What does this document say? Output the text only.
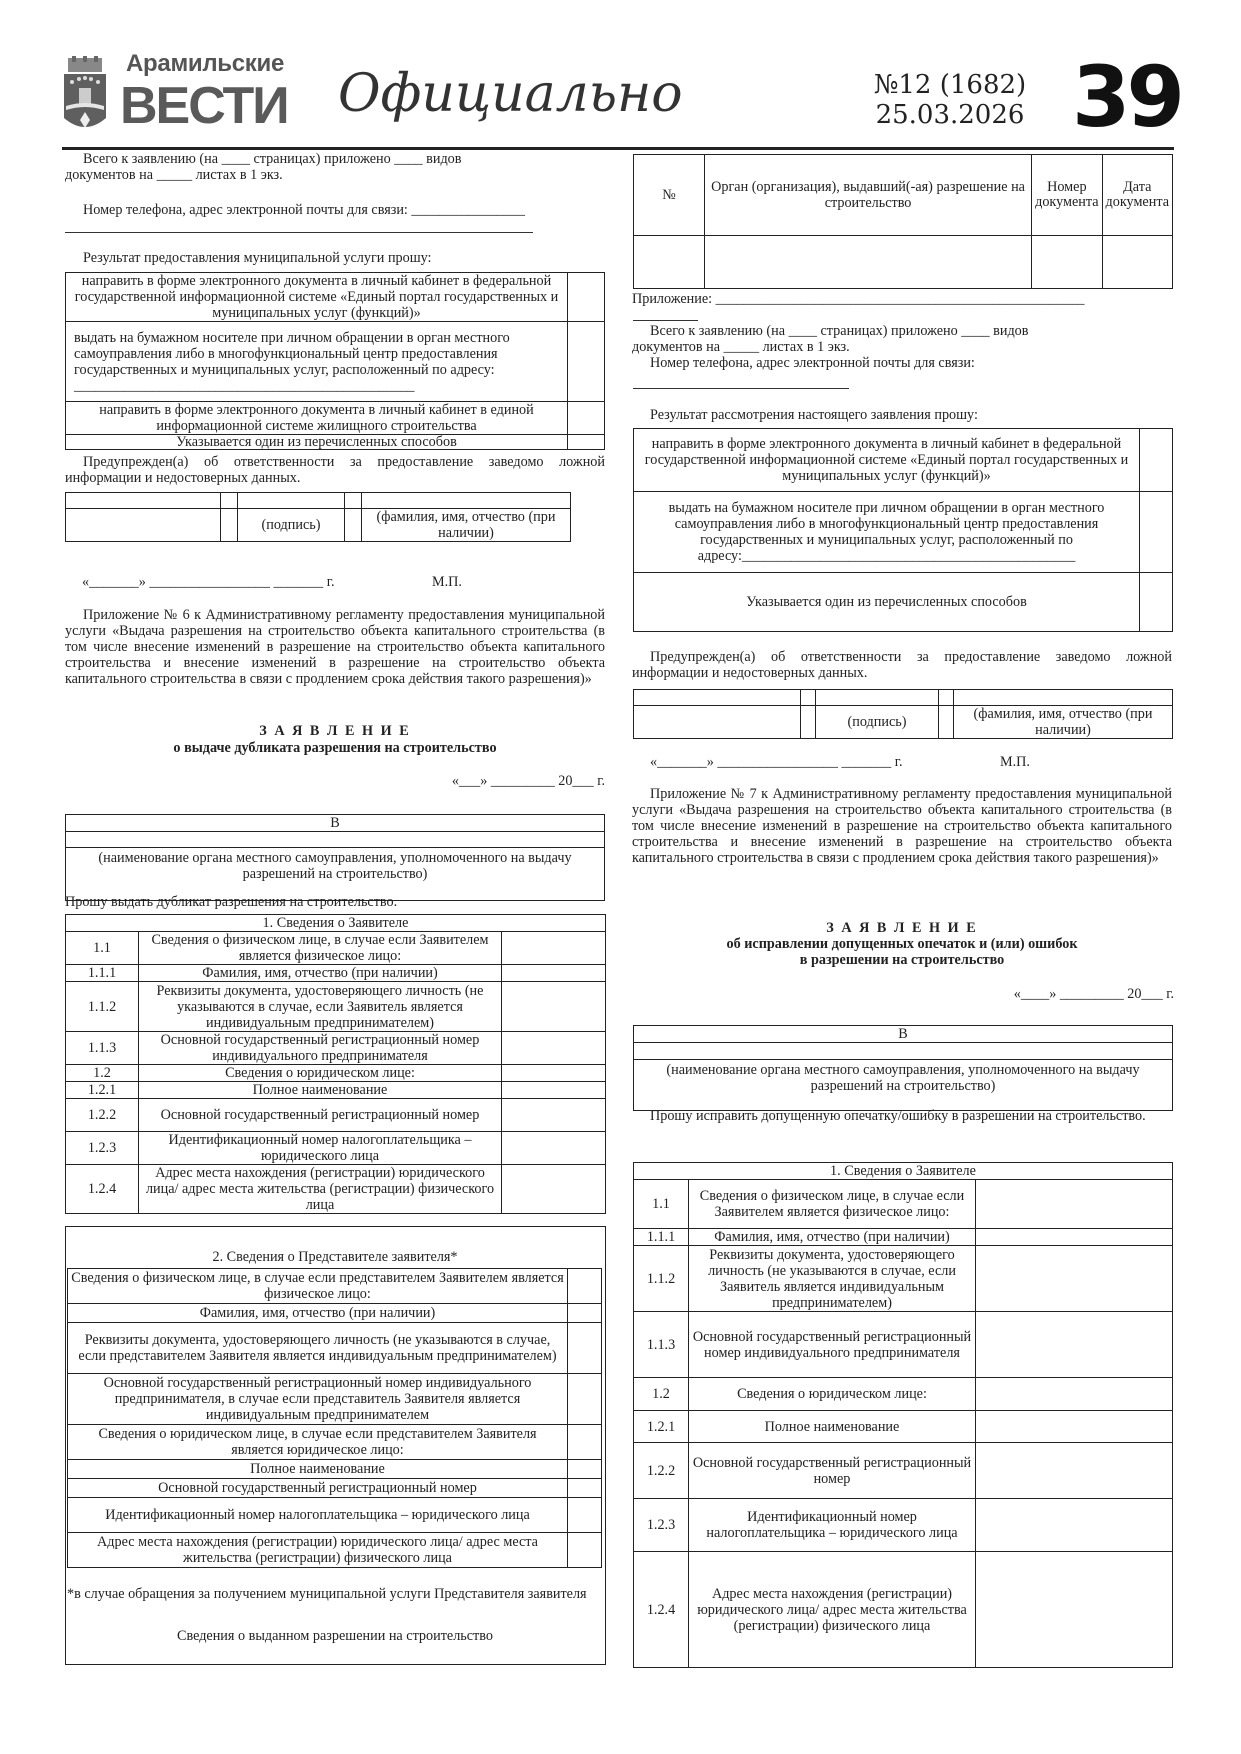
Арамильские
ВЕСТИ Официально	№12 (1682)
25.03.2026 39

Всего к заявлению (на ____ страницах) приложено ____ видов

документов на _____ листах в 1 экз.

Номер телефона, адрес электронной почты для связи: ________________

Результат предоставления муниципальной услуги прошу:

направить в форме электронного документа в личный кабинет в федеральной государственной информационной системе «Единый портал государственных и муниципальных услуг (функций)»	
выдать на бумажном носителе при личном обращении в орган местного самоуправления либо в многофункциональный центр предоставления государственных и муниципальных услуг, расположенный по адресу: ________________________________________________	
направить в форме электронного документа в личный кабинет в единой информационной системе жилищного строительства	
Указывается один из перечисленных способов	

Предупрежден(а) об ответственности за предоставление заведомо ложной информации и недостоверных данных.

		(подпись)		(фамилия, имя, отчество (при наличии)
«_______» _________________ _______ г.	М.П.

Приложение № 6 к Административному регламенту предоставления муниципальной услуги «Выдача разрешения на строительство объекта капитального строительства (в том числе внесение изменений в разрешение на строительство объекта капитального строительства и внесение изменений в разрешение на строительство объекта капитального строительства в связи с продлением срока действия такого разрешения)»

З А Я В Л Е Н И Е

о выдаче дубликата разрешения на строительство

«___» _________ 20___ г.
В

(наименование органа местного самоуправления, уполномоченного на выдачу разрешений на строительство)

Прошу выдать дубликат разрешения на строительство.

1. Сведения о Заявителе		
1.1	Сведения о физическом лице, в случае если Заявителем является физическое лицо:	
1.1.1	Фамилия, имя, отчество (при наличии)	
1.1.2	Реквизиты документа, удостоверяющего личность (не указываются в случае, если Заявитель является индивидуальным предпринимателем)	
1.1.3	Основной государственный регистрационный номер индивидуального предпринимателя	
1.2	Сведения о юридическом лице:	
1.2.1	Полное наименование	
1.2.2	Основной государственный регистрационный номер	
1.2.3	Идентификационный номер налогоплательщика – юридического лица	
1.2.4	Адрес места нахождения (регистрации) юридического лица/ адрес места жительства (регистрации) физического лица	

2. Сведения о Представителе заявителя*

Сведения о физическом лице, в случае если представителем Заявителем является физическое лицо:	
Фамилия, имя, отчество (при наличии)	
Реквизиты документа, удостоверяющего личность (не указываются в случае, если представителем Заявителя является индивидуальным предпринимателем)	
Основной государственный регистрационный номер индивидуального предпринимателя, в случае если представитель Заявителя является индивидуальным предпринимателем	
Сведения о юридическом лице, в случае если представителем Заявителя является юридическое лицо:	
Полное наименование	
Основной государственный регистрационный номер	
Идентификационный номер налогоплательщика – юридического лица	
Адрес места нахождения (регистрации) юридического лица/ адрес места жительства (регистрации) физического лица	

*в случае обращения за получением муниципальной услуги Представителя заявителя

Сведения о выданном разрешении на строительство

№	Орган (организация), выдавший(-ая) разрешение на строительство	Номер документа	Дата документа

Приложение: ____________________________________________________

Всего к заявлению (на ____ страницах) приложено ____ видов

документов на _____ листах в 1 экз.

Номер телефона, адрес электронной почты для связи:

Результат рассмотрения настоящего заявления прошу:

направить в форме электронного документа в личный кабинет в федеральной государственной информационной системе «Единый портал государственных и муниципальных услуг (функций)»	
выдать на бумажном носителе при личном обращении в орган местного самоуправления либо в многофункциональный центр предоставления государственных и муниципальных услуг, расположенный по адресу:_______________________________________________	
Указывается один из перечисленных способов	

Предупрежден(а) об ответственности за предоставление заведомо ложной информации и недостоверных данных.

		(подпись)		(фамилия, имя, отчество (при наличии)
«_______» _________________ _______ г.	М.П.

Приложение № 7 к Административному регламенту предоставления муниципальной услуги «Выдача разрешения на строительство объекта капитального строительства (в том числе внесение изменений в разрешение на строительство объекта капитального строительства и внесение изменений в разрешение на строительство объекта капитального строительства в связи с продлением срока действия такого разрешения)»

З А Я В Л Е Н И Е

об исправлении допущенных опечаток и (или) ошибок

в разрешении на строительство

«____» _________ 20___ г.
В

(наименование органа местного самоуправления, уполномоченного на выдачу разрешений на строительство)

Прошу исправить допущенную опечатку/ошибку в разрешении на строительство.

1. Сведения о Заявителе		
1.1	Сведения о физическом лице, в случае если Заявителем является физическое лицо:	
1.1.1	Фамилия, имя, отчество (при наличии)	
1.1.2	Реквизиты документа, удостоверяющего личность (не указываются в случае, если Заявитель является индивидуальным предпринимателем)	
1.1.3	Основной государственный регистрационный номер индивидуального предпринимателя	
1.2	Сведения о юридическом лице:	
1.2.1	Полное наименование	
1.2.2	Основной государственный регистрационный номер	
1.2.3	Идентификационный номер налогоплательщика – юридического лица	
1.2.4	Адрес места нахождения (регистрации) юридического лица/ адрес места жительства (регистрации) физического лица	
